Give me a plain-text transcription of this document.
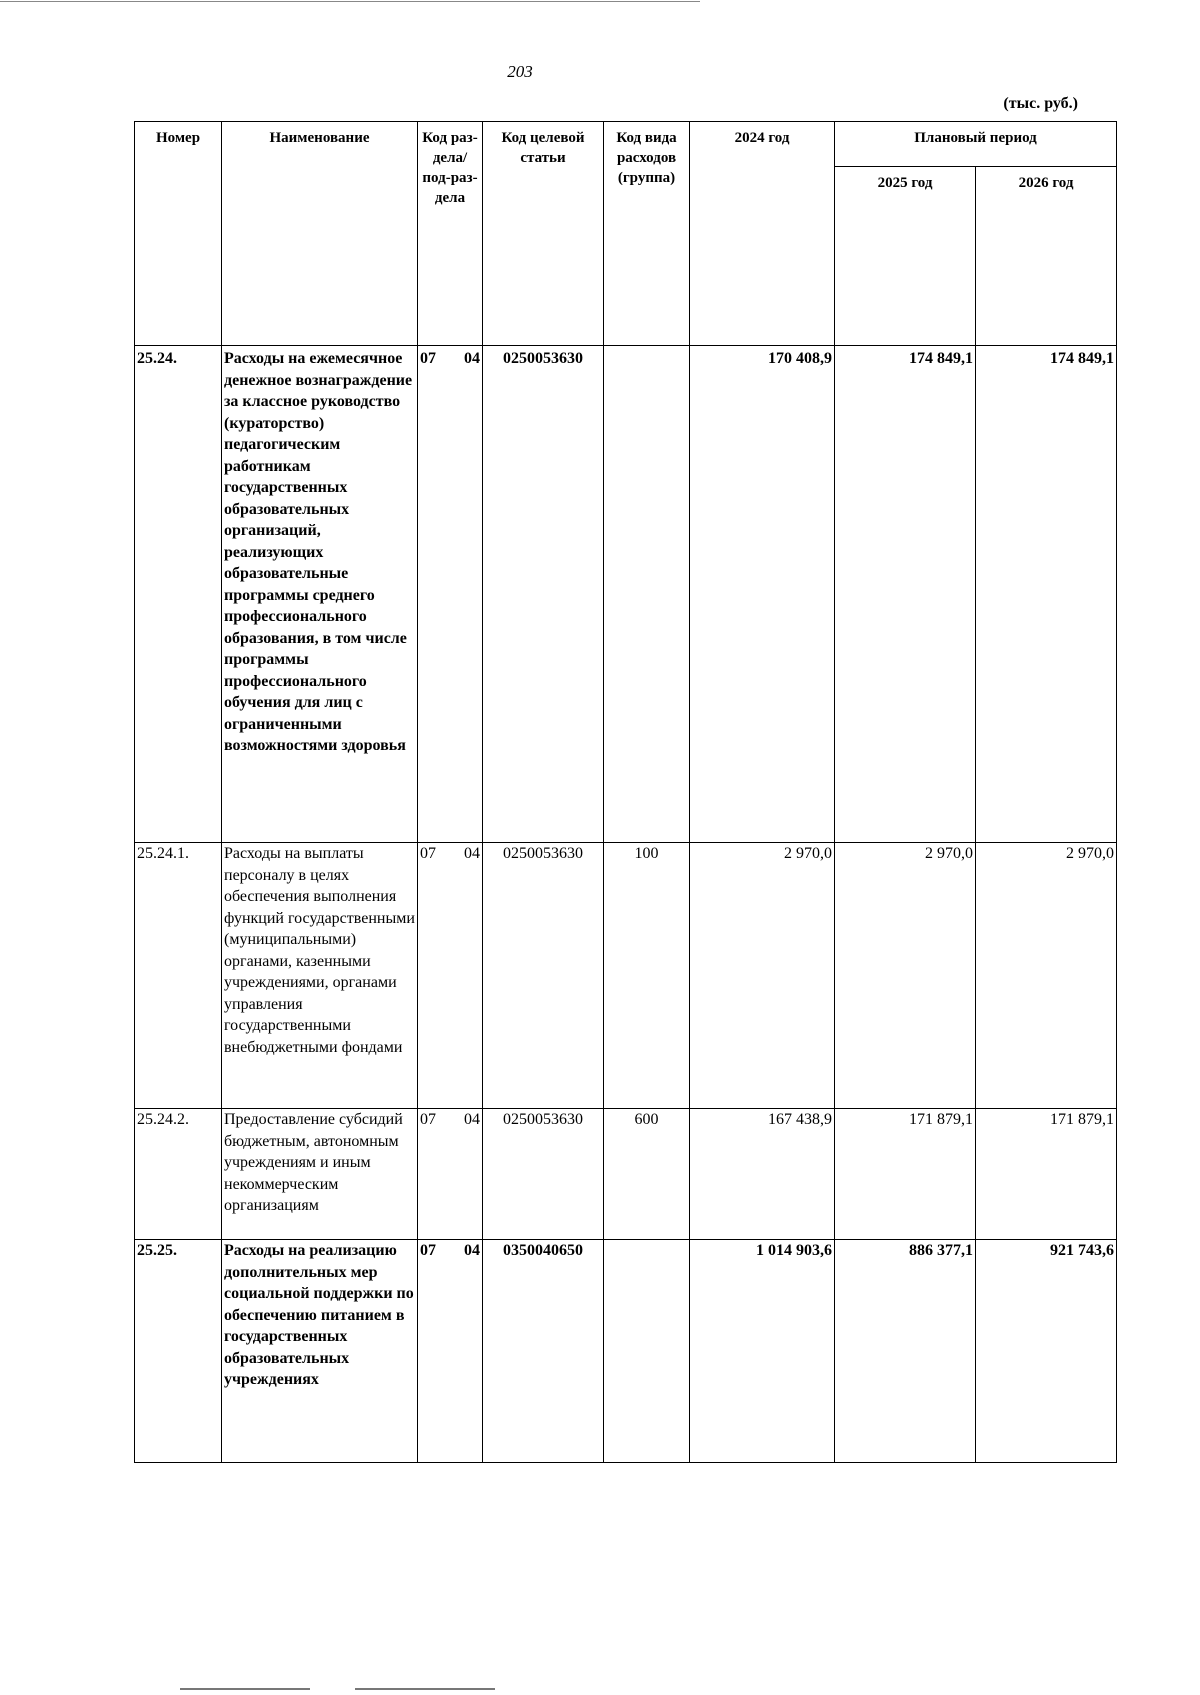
203
(тыс. руб.)
Номер	Наименование	Код раз-дела/ под-раз-дела	Код целевой статьи	Код вида расходов (группа)	2024 год	Плановый период	
						2025 год	2026 год
25.24.	Расходы на ежемесячное денежное вознаграждение за классное руководство (кураторство) педагогическим работникам государственных образовательных организаций, реализующих образовательные программы среднего профессионального образования, в том числе программы профессионального обучения для лиц с ограниченными возможностями здоровья	07 04	0250053630		170 408,9	174 849,1	174 849,1
25.24.1.	Расходы на выплаты персоналу в целях обеспечения выполнения функций государственными (муниципальными) органами, казенными учреждениями, органами управления государственными внебюджетными фондами	07 04	0250053630	100	2 970,0	2 970,0	2 970,0
25.24.2.	Предоставление субсидий бюджетным, автономным учреждениям и иным некоммерческим организациям	07 04	0250053630	600	167 438,9	171 879,1	171 879,1
25.25.	Расходы на реализацию дополнительных мер социальной поддержки по обеспечению питанием в государственных образовательных учреждениях	07 04	0350040650		1 014 903,6	886 377,1	921 743,6
